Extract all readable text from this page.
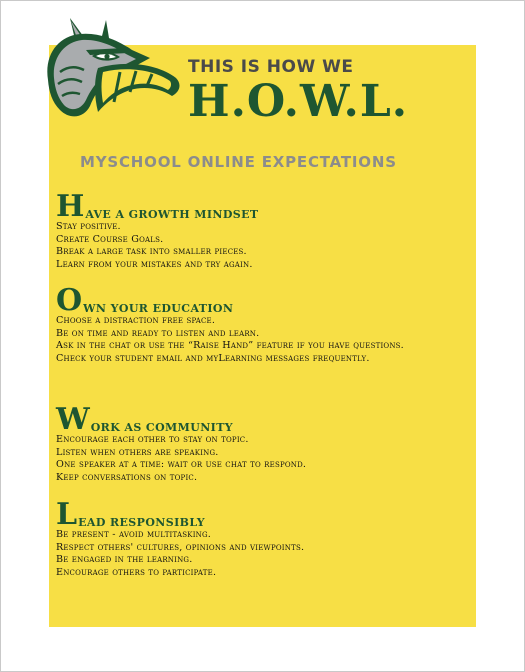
THIS IS HOW WE
H.O.W.L.
MYSCHOOL ONLINE EXPECTATIONS
H AVE A GROWTH MINDSET
Stay positive.
Create Course Goals.
Break a large task into smaller pieces.
Learn from your mistakes and try again.
O WN YOUR EDUCATION
Choose a distraction free space.
Be on time and ready to listen and learn.
Ask in the chat or use the “Raise Hand” feature if you have questions.
Check your student email and myLearning messages frequently.
W ORK AS COMMUNITY
Encourage each other to stay on topic.
Listen when others are speaking.
One speaker at a time: wait or use chat to respond.
Keep conversations on topic.
L EAD RESPONSIBLY
Be present - avoid multitasking.
Respect others' cultures, opinions and viewpoints.
Be engaged in the learning.
Encourage others to participate.
